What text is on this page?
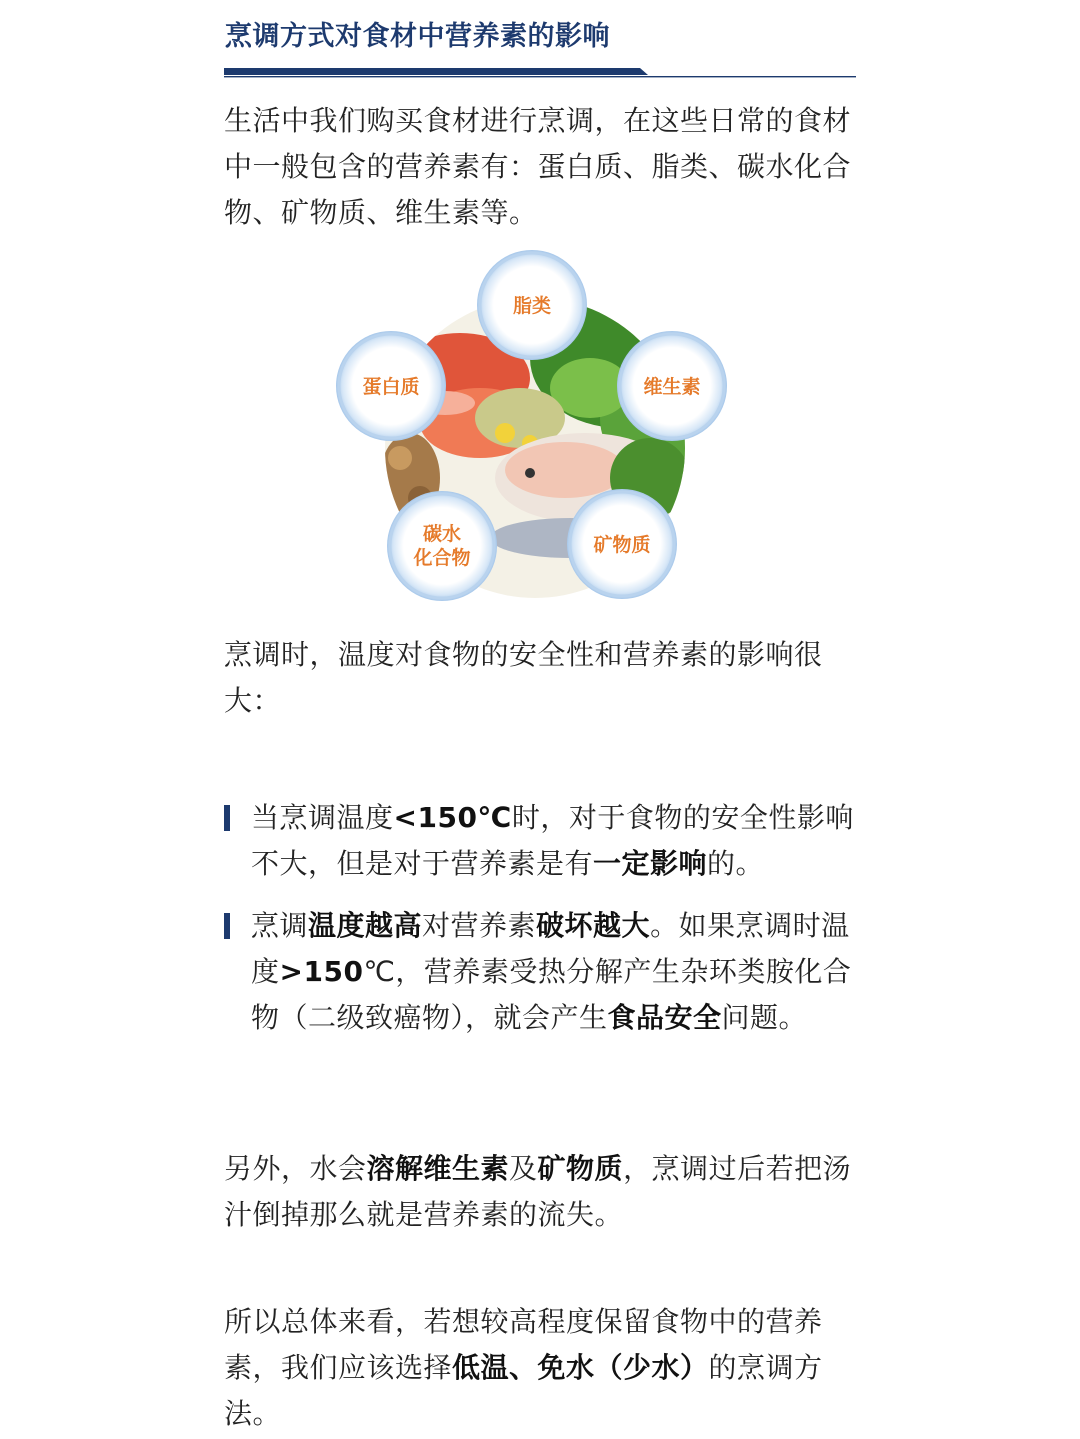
烹调方式对食材中营养素的影响
生活中我们购买食材进行烹调，在这些日常的食材中一般包含的营养素有：蛋白质、脂类、碳水化合物、矿物质、维生素等。
脂类
蛋白质	维生素
碳水
化合物
矿物质
烹调时，温度对食物的安全性和营养素的影响很大：
当烹调温度<150℃时，对于食物的安全性影响不大，但是对于营养素是有一定影响的。
烹调温度越高对营养素破坏越大。如果烹调时温度>150℃，营养素受热分解产生杂环类胺化合物（二级致癌物），就会产生食品安全问题。
另外，水会溶解维生素及矿物质，烹调过后若把汤汁倒掉那么就是营养素的流失。
所以总体来看，若想较高程度保留食物中的营养素，我们应该选择低温、免水（少水）的烹调方法。
